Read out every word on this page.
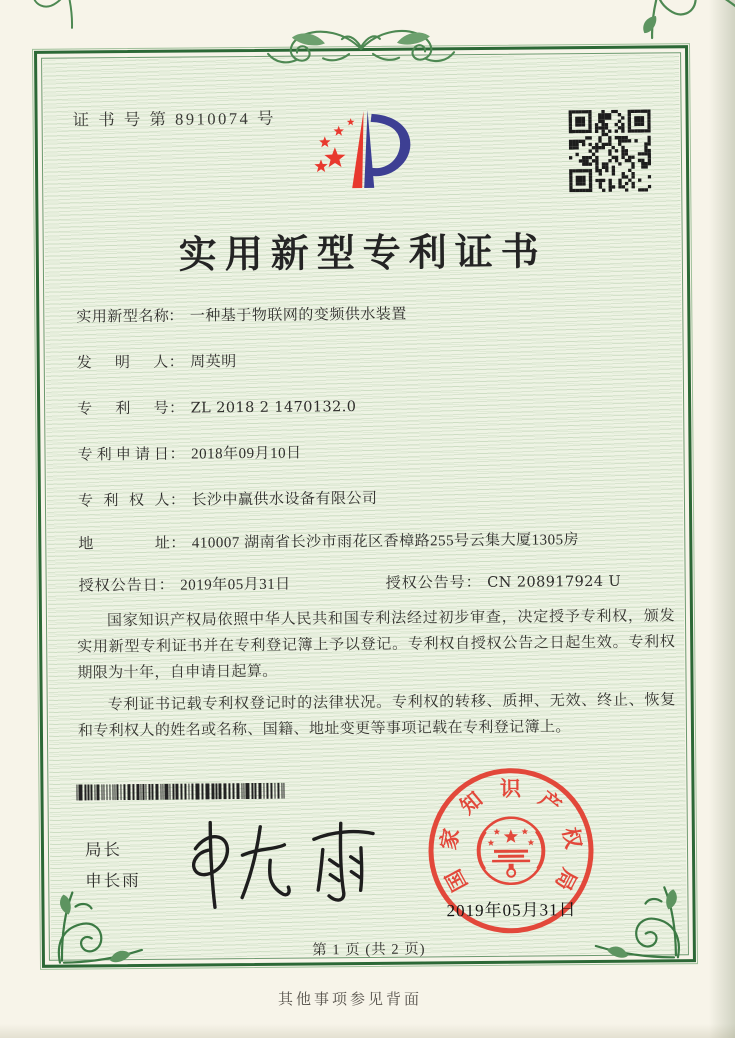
证 书 号 第 8910074 号
实用新型专利证书
实用新型名称： 一种基于物联网的变频供水装置
发明人： 周英明
专利号： ZL 2018 2 1470132.0
专利申请日： 2018年09月10日
专利权人： 长沙中赢供水设备有限公司
地址： 410007 湖南省长沙市雨花区香樟路255号云集大厦1305房
授权公告日： 2019年05月31日	授权公告号： CN 208917924 U

国家知识产权局依照中华人民共和国专利法经过初步审查，决定授予专利权，颁发实用新型专利证书并在专利登记簿上予以登记。专利权自授权公告之日起生效。专利权期限为十年，自申请日起算。

专利证书记载专利权登记时的法律状况。专利权的转移、质押、无效、终止、恢复和专利权人的姓名或名称、国籍、地址变更等事项记载在专利登记簿上。

局长
申长雨	国
家
知 识 产
权
局
2019年05月31日
第 1 页 (共 2 页)
其他事项参见背面
